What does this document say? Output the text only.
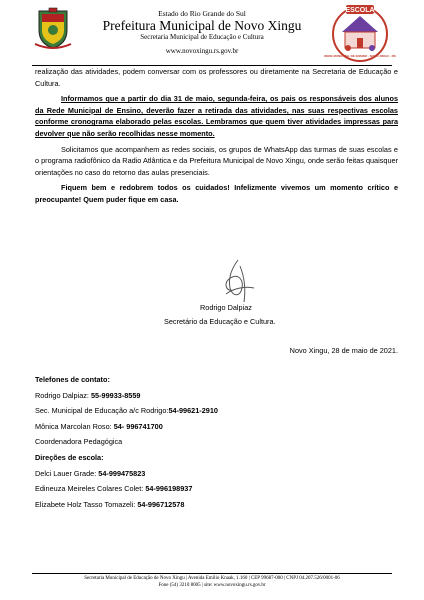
Estado do Rio Grande do Sul
Prefeitura Municipal de Novo Xingu
Secretaria Municipal de Educação e Cultura
www.novoxingu.rs.gov.br
ESCOLA
REDE MUNICIPAL DE ENSINO · NOVO XINGU - RS

realização das atividades, podem conversar com os professores ou diretamente na Secretaria de Educação e Cultura.

Informamos que a partir do dia 31 de maio, segunda-feira, os pais os responsáveis dos alunos da Rede Municipal de Ensino, deverão fazer a retirada das atividades, nas suas respectivas escolas conforme cronograma elaborado pelas escolas. Lembramos que quem tiver atividades impressas para devolver que não serão recolhidas nesse momento.

Solicitamos que acompanhem as redes sociais, os grupos de WhatsApp das turmas de suas escolas e o programa radiofônico da Radio Atlântica e da Prefeitura Municipal de Novo Xingu, onde serão feitas quaisquer orientações no caso do retorno das aulas presenciais.

Fiquem bem e redobrem todos os cuidados! Infelizmente vivemos um momento crítico e preocupante! Quem puder fique em casa.

Rodrigo Dalpiaz
Secretário da Educação e Cultura.
Novo Xingu, 28 de maio de 2021.
Telefones de contato:
Rodrigo Dalpiaz: 55-99933-8559
Sec. Municipal de Educação a/c Rodrigo:54-99621-2910
Mônica Marcolan Roso: 54- 996741700
Coordenadora Pedagógica
Direções de escola:
Delci Lauer Grade: 54-999475823
Edineuza Meireles Colares Colet: 54-996198937
Elizabete Holz Tasso Tomazeli: 54-996712578
Secretaria Municipal de Educação de Novo Xingu | Avenida Emílio Knaak, 1.160 | CEP 99687-000 | CNPJ 04.207.526/0001-06
Fone (54) 3210 8005 | site: www.novoxingu.rs.gov.br
